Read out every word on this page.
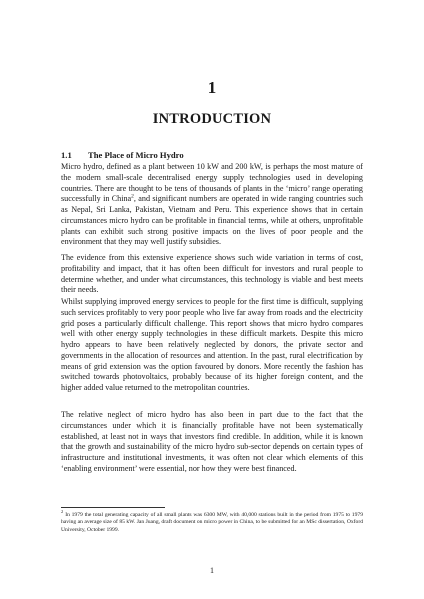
1
INTRODUCTION
1.1 The Place of Micro Hydro
Micro hydro, defined as a plant between 10 kW and 200 kW, is perhaps the most mature of the modern small-scale decentralised energy supply technologies used in developing countries. There are thought to be tens of thousands of plants in the ‘micro’ range operating successfully in China$^2$, and significant numbers are operated in wide ranging countries such as Nepal, Sri Lanka, Pakistan, Vietnam and Peru. This experience shows that in certain circumstances micro hydro can be profitable in financial terms, while at others, unprofitable plants can exhibit such strong positive impacts on the lives of poor people and the environment that they may well justify subsidies.
The evidence from this extensive experience shows such wide variation in terms of cost, profitability and impact, that it has often been difficult for investors and rural people to determine whether, and under what circumstances, this technology is viable and best meets their needs.
Whilst supplying improved energy services to people for the first time is difficult, supplying such services profitably to very poor people who live far away from roads and the electricity grid poses a particularly difficult challenge. This report shows that micro hydro compares well with other energy supply technologies in these difficult markets. Despite this micro hydro appears to have been relatively neglected by donors, the private sector and governments in the allocation of resources and attention. In the past, rural electrification by means of grid extension was the option favoured by donors. More recently the fashion has switched towards photovoltaics, probably because of its higher foreign content, and the higher added value returned to the metropolitan countries.
The relative neglect of micro hydro has also been in part due to the fact that the circumstances under which it is financially profitable have not been systematically established, at least not in ways that investors find credible. In addition, while it is known that the growth and sustainability of the micro hydro sub-sector depends on certain types of infrastructure and institutional investments, it was often not clear which elements of this ‘enabling environment’ were essential, nor how they were best financed.
$^2$In 1979 the total generating capacity of all small plants was 6300 MW, with 40,000 stations built in the period from 1975 to 1979 having an average size of 85 kW. Jan Juang, draft document on micro power in China, to be submitted for an MSc dissertation, Oxford University, October 1999.
1
